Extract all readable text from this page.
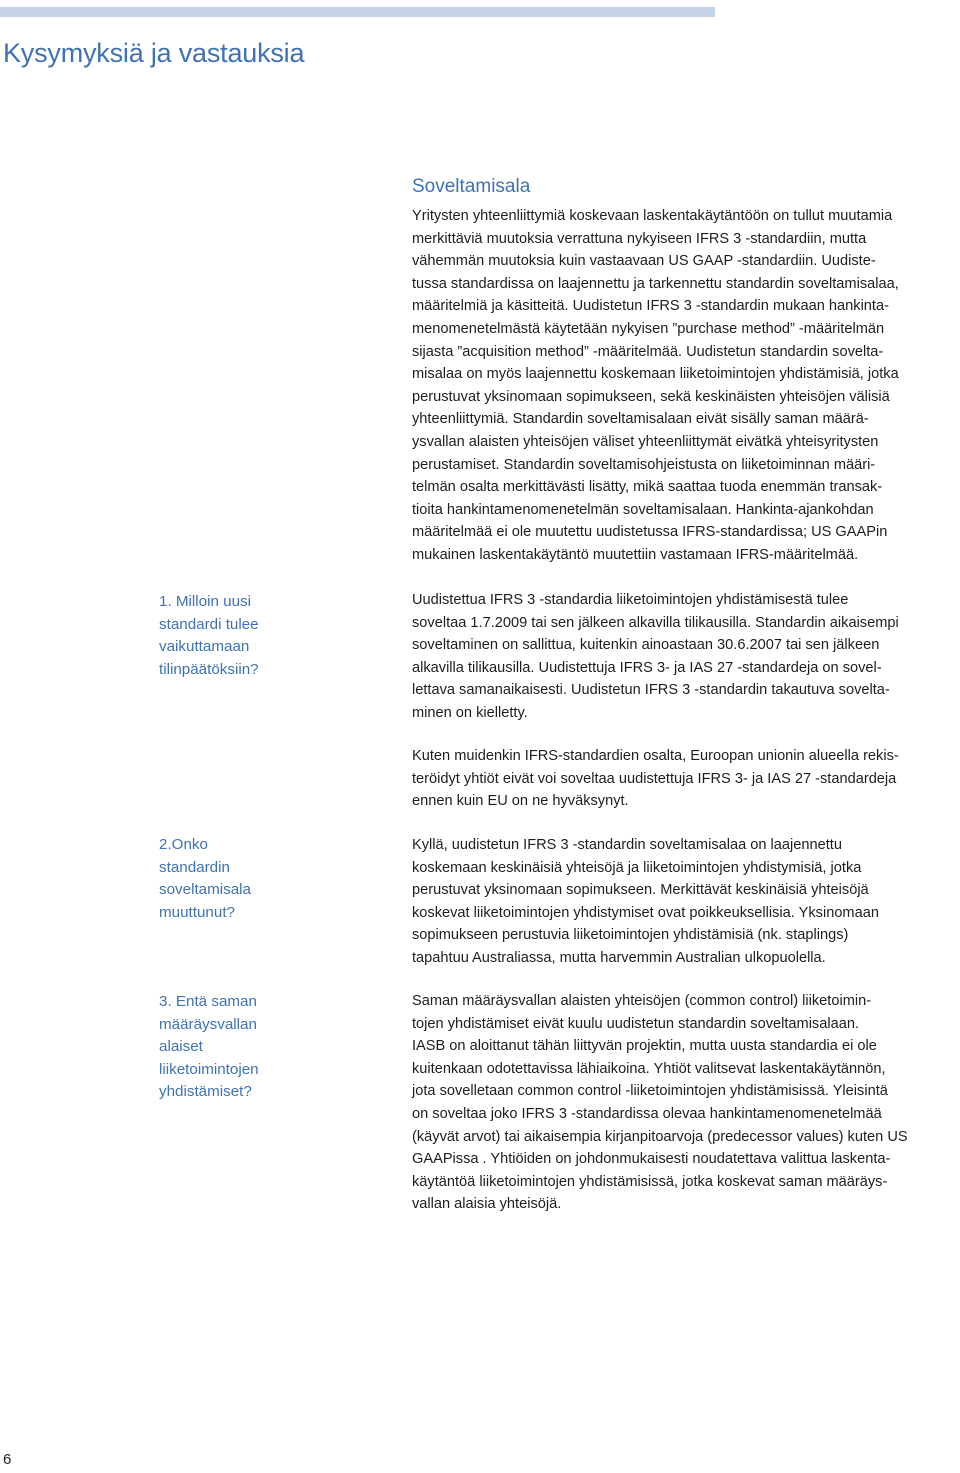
Kysymyksiä ja vastauksia
Soveltamisala
Yritysten yhteenliittymiä koskevaan laskentakäytäntöön on tullut muutamia
merkittäviä muutoksia verrattuna nykyiseen IFRS 3 -standardiin, mutta
vähemmän muutoksia kuin vastaavaan US GAAP -standardiin. Uudiste-
tussa standardissa on laajennettu ja tarkennettu standardin soveltamisalaa,
määritelmiä ja käsitteitä. Uudistetun IFRS 3 -standardin mukaan hankinta-
menomenetelmästä käytetään nykyisen ”purchase method” -määritelmän
sijasta ”acquisition method” -määritelmää. Uudistetun standardin sovelta-
misalaa on myös laajennettu koskemaan liiketoimintojen yhdistämisiä, jotka
perustuvat yksinomaan sopimukseen, sekä keskinäisten yhteisöjen välisiä
yhteenliittymiä. Standardin soveltamisalaan eivät sisälly saman määrä-
ysvallan alaisten yhteisöjen väliset yhteenliittymät eivätkä yhteisyritysten
perustamiset. Standardin soveltamisohjeistusta on liiketoiminnan määri-
telmän osalta merkittävästi lisätty, mikä saattaa tuoda enemmän transak-
tioita hankintamenomenetelmän soveltamisalaan. Hankinta-ajankohdan
määritelmää ei ole muutettu uudistetussa IFRS-standardissa; US GAAPin
mukainen laskentakäytäntö muutettiin vastamaan IFRS-määritelmää.
1. Milloin uusi
standardi tulee
vaikuttamaan
tilinpäätöksiin?
Uudistettua IFRS 3 -standardia liiketoimintojen yhdistämisestä tulee
soveltaa 1.7.2009 tai sen jälkeen alkavilla tilikausilla. Standardin aikaisempi
soveltaminen on sallittua, kuitenkin ainoastaan 30.6.2007 tai sen jälkeen
alkavilla tilikausilla. Uudistettuja IFRS 3- ja IAS 27 -standardeja on sovel-
lettava samanaikaisesti. Uudistetun IFRS 3 -standardin takautuva sovelta-
minen on kielletty.
Kuten muidenkin IFRS-standardien osalta, Euroopan unionin alueella rekis-
teröidyt yhtiöt eivät voi soveltaa uudistettuja IFRS 3- ja IAS 27 -standardeja
ennen kuin EU on ne hyväksynyt.
2.Onko
standardin
soveltamisala
muuttunut?
Kyllä, uudistetun IFRS 3 -standardin soveltamisalaa on laajennettu
koskemaan keskinäisiä yhteisöjä ja liiketoimintojen yhdistymisiä, jotka
perustuvat yksinomaan sopimukseen. Merkittävät keskinäisiä yhteisöjä
koskevat liiketoimintojen yhdistymiset ovat poikkeuksellisia. Yksinomaan
sopimukseen perustuvia liiketoimintojen yhdistämisiä (nk. staplings)
tapahtuu Australiassa, mutta harvemmin Australian ulkopuolella.
3. Entä saman
määräysvallan
alaiset
liiketoimintojen
yhdistämiset?
Saman määräysvallan alaisten yhteisöjen (common control) liiketoimin-
tojen yhdistämiset eivät kuulu uudistetun standardin soveltamisalaan.
IASB on aloittanut tähän liittyvän projektin, mutta uusta standardia ei ole
kuitenkaan odotettavissa lähiaikoina. Yhtiöt valitsevat laskentakäytännön,
jota sovelletaan common control -liiketoimintojen yhdistämisissä. Yleisintä
on soveltaa joko IFRS 3 -standardissa olevaa hankintamenomenetelmää
(käyvät arvot) tai aikaisempia kirjanpitoarvoja (predecessor values) kuten US
GAAPissa . Yhtiöiden on johdonmukaisesti noudatettava valittua laskenta-
käytäntöä liiketoimintojen yhdistämisissä, jotka koskevat saman määräys-
vallan alaisia yhteisöjä.
6
